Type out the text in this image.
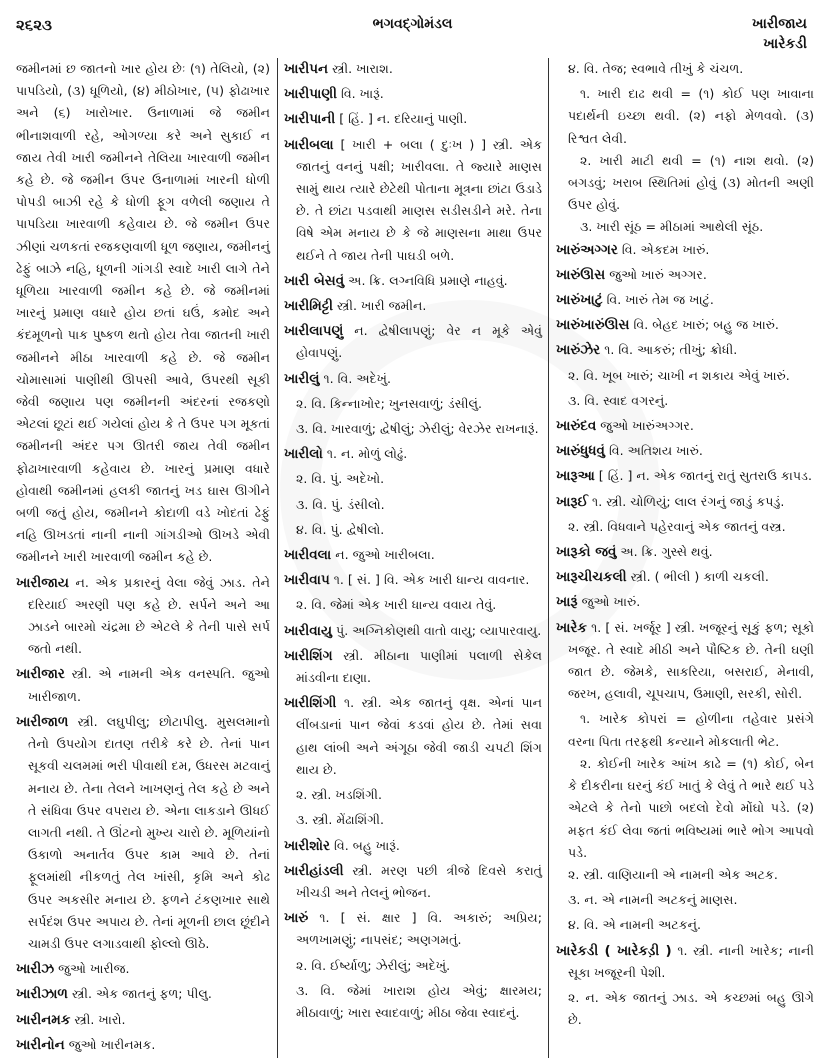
૨૬૨૩	ભગવદ્ગોમંડલ	ખારીજાય
ખારેકડી
જમીનમાં છ જાતનો ખાર હોય છેઃ (૧) તેલિયો, (૨) પાપડિયો, (૩) ધૂળિયો, (૪) મીઠોખાર, (૫) ફોઢાખાર અને (૬) ખારોખાર. ઉનાળામાં જે જમીન ભીનાશવાળી રહે, ઓગળ્યા કરે અને સુકાઈ ન જાય તેવી ખારી જમીનને તેલિયા ખારવાળી જમીન કહે છે. જે જમીન ઉપર ઉનાળામાં ખારની ધોળી પોપડી બાઝી રહે કે ધોળી ફૂગ વળેલી જણાય તે પાપડિયા ખારવાળી કહેવાય છે. જે જમીન ઉપર ઝીણાં ચળકતાં રજકણવાળી ધૂળ જણાય, જમીનનું ઢેફું બાઝે નહિ, ધૂળની ગાંગડી સ્વાદે ખારી લાગે તેને ધૂળિયા ખારવાળી જમીન કહે છે. જે જમીનમાં ખારનું પ્રમાણ વધારે હોય છતાં ઘઉં, કમોદ અને કંદમૂળનો પાક પુષ્કળ થતો હોય તેવા જાતની ખારી જમીનને મીઠા ખારવાળી કહે છે. જે જમીન ચોમાસામાં પાણીથી ઊપસી આવે, ઉપરથી સૂકી જેવી જણાય પણ જમીનની અંદરનાં રજકણો એટલાં છૂટાં થઈ ગયેલાં હોય કે તે ઉપર પગ મૂકતાં જમીનની અંદર પગ ઊતરી જાય તેવી જમીન ફોઢાખારવાળી કહેવાય છે. ખારનું પ્રમાણ વધારે હોવાથી જમીનમાં હલકી જાતનું ખડ ઘાસ ઊગીને બળી જતું હોય, જમીનને કોદાળી વડે ખોદતાં ઢેફું નહિ ઊખડતાં નાની નાની ગાંગડીઓ ઊખડે એવી જમીનને ખારી ખારવાળી જમીન કહે છે.
ખારીજાય ન. એક પ્રકારનું વેલા જેવું ઝાડ. તેને દરિયાઈ અરણી પણ કહે છે. સર્પને અને આ ઝાડને બારમો ચંદ્રમા છે એટલે કે તેની પાસે સર્પ જતો નથી.
ખારીજાર સ્ત્રી. એ નામની એક વનસ્પતિ. જુઓ ખારીજાળ.
ખારીજાળ સ્ત્રી. લઘુપીલુ; છોટાપીલુ. મુસલમાનો તેનો ઉપયોગ દાતણ તરીકે કરે છે. તેનાં પાન સૂકવી ચલમમાં ભરી પીવાથી દમ, ઉધરસ મટવાનું મનાય છે. તેના તેલને ખાખણનું તેલ કહે છે અને તે સંધિવા ઉપર વપરાય છે. એના લાકડાને ઊધઈ લાગતી નથી. તે ઊંટનો મુખ્ય ચારો છે. મૂળિયાંનો ઉકાળો અનાર્તવ ઉપર કામ આવે છે. તેનાં ફૂલમાંથી નીકળતું તેલ ખાંસી, કૃમિ અને કોઢ ઉપર અકસીર મનાય છે. ફળને ટંકણખાર સાથે સર્પદંશ ઉપર અપાય છે. તેનાં મૂળની છાલ છૂંદીને ચામડી ઉપર લગાડવાથી ફોલ્લો ઊઠે.
ખારીઝ જુઓ ખારીજ.
ખારીઝાળ સ્ત્રી. એક જાતનું ફળ; પીલુ.
ખારીનમક સ્ત્રી. ખારો.
ખારીનોન જુઓ ખારીનમક.
ખારીપન સ્ત્રી. ખારાશ.
ખારીપાણી વિ. ખારૂં.
ખારીપાની [ હિં. ] ન. દરિયાનું પાણી.
ખારીબલા [ ખારી + બલા ( દુઃખ ) ] સ્ત્રી. એક જાતનું વનનું પક્ષી; ખારીવલા. તે જ્યારે માણસ સામું થાય ત્યારે છેટેથી પોતાના મૂત્રના છાંટા ઉડાડે છે. તે છાંટા પડવાથી માણસ સડીસડીને મરે. તેના વિષે એમ મનાય છે કે જે માણસના માથા ઉપર થઈને તે જાય તેની પાઘડી બળે.
ખારી બેસવું અ. ક્રિ. લગ્નવિધિ પ્રમાણે નાહવું.
ખારીમિટ્ટી સ્ત્રી. ખારી જમીન.
ખારીલાપણું ન. દ્વેષીલાપણું; વેર ન મૂકે એવું હોવાપણું.
ખારીલું ૧. વિ. અદેખું.
૨. વિ. કિન્નાખોર; ખુનસવાળું; ડંસીલું.
૩. વિ. ખારવાળું; દ્વેષીલું; ઝેરીલું; વેરઝેર રાખનારૂં.
ખારીલો ૧. ન. મોળું લોઢું.
૨. વિ. પું. અદેખો.
૩. વિ. પું. ડંસીલો.
૪. વિ. પું. દ્વેષીલો.
ખારીવલા ન. જુઓ ખારીબલા.
ખારીવાપ ૧. [ સં. ] વિ. એક ખારી ધાન્ય વાવનાર.
૨. વિ. જેમાં એક ખારી ધાન્ય વવાય તેવું.
ખારીવાયુ પું. અગ્નિકોણથી વાતો વાયુ; વ્યાપારવાયુ.
ખારીશિંગ સ્ત્રી. મીઠાના પાણીમાં પલાળી સેકેલ માંડવીના દાણા.
ખારીશિંગી ૧. સ્ત્રી. એક જાતનું વૃક્ષ. એનાં પાન લીંબડાનાં પાન જેવાં કડવાં હોય છે. તેમાં સવા હાથ લાંબી અને અંગૂઠા જેવી જાડી ચપટી શિંગ થાય છે.
૨. સ્ત્રી. ખડશિંગી.
૩. સ્ત્રી. મેંઢાશિંગી.
ખારીશોર વિ. બહુ ખારૂં.
ખારીહાંડલી સ્ત્રી. મરણ પછી ત્રીજે દિવસે કરાતું ખીચડી અને તેલનું ભોજન.
ખારું ૧. [ સં. ક્ષાર ] વિ. અકારું; અપ્રિય; અળખામણું; નાપસંદ; અણગમતું.
૨. વિ. ઈર્ષ્યાળુ; ઝેરીલું; અદેખું.
૩. વિ. જેમાં ખારાશ હોય એવું; ક્ષારમય; મીઠાવાળું; ખારા સ્વાદવાળું; મીઠા જેવા સ્વાદનું.
૪. વિ. તેજ; સ્વભાવે તીખું કે ચંચળ.
૧. ખારી દાઢ થવી = (૧) કોઈ પણ ખાવાના પદાર્થની ઇચ્છા થવી. (૨) નફો મેળવવો. (૩) રિશ્વત લેવી.
૨. ખારી માટી થવી = (૧) નાશ થવો. (૨) બગડવું; ખરાબ સ્થિતિમાં હોવું (૩) મોતની અણી ઉપર હોવું.
૩. ખારી સૂંઠ = મીઠામાં આથેલી સૂંઠ.
ખારુંઅગ્ગર વિ. એકદમ ખારું.
ખારુંઊસ જુઓ ખારું અગ્ગર.
ખારુંખાટું વિ. ખારું તેમ જ ખાટું.
ખારુંખારુંઊસ વિ. બેહદ ખારું; બહુ જ ખારું.
ખારુંઝેર ૧. વિ. આકરું; તીખું; ક્રોધી.
૨. વિ. ખૂબ ખારું; ચાખી ન શકાય એવું ખારું.
૩. વિ. સ્વાદ વગરનું.
ખારુંદવ જુઓ ખારુંઅગ્ગર.
ખારુંધુધવું વિ. અતિશય ખારું.
ખારૂઆ [ હિં. ] ન. એક જાતનું રાતું સુતરાઉ કાપડ.
ખારૂઈ ૧. સ્ત્રી. ચોળિયું; લાલ રંગનું જાડું કપડું.
૨. સ્ત્રી. વિધવાને પહેરવાનું એક જાતનું વસ્ત્ર.
ખારૂકો જવું અ. ક્રિ. ગુસ્સે થવું.
ખારૂચીચકલી સ્ત્રી. ( ભીલી ) કાળી ચકલી.
ખારૂં જુઓ ખારું.
ખારેક ૧. [ સં. ખર્જૂર ] સ્ત્રી. ખજૂરનું સૂકું ફળ; સૂકો ખજૂર. તે સ્વાદે મીઠી અને પૌષ્ટિક છે. તેની ઘણી જાત છે. જેમકે, સાકરિયા, બસરાઈ, મેનાવી, જરખ, હલાવી, ચૂપચાપ, ઉમાણી, સરકી, સોરી.
૧. ખારેક કોપરાં = હોળીના તહેવાર પ્રસંગે વરના પિતા તરફથી કન્યાને મોકલાતી ભેટ.
૨. કોઈની ખારેક આંખ કાઢે = (૧) કોઈ, બેન કે દીકરીના ઘરનું કંઈ ખાતું કે લેવું તે ભારે થઈ પડે એટલે કે તેનો પાછો બદલો દેવો મોંઘો પડે. (૨) મફત કંઈ લેવા જતાં ભવિષ્યમાં ભારે ભોગ આપવો પડે.
૨. સ્ત્રી. વાણિયાની એ નામની એક અટક.
૩. ન. એ નામની અટકનું માણસ.
૪. વિ. એ નામની અટકનું.
ખારેકડી ( ખારેકડ઼ી ) ૧. સ્ત્રી. નાની ખારેક; નાની સૂકા ખજૂરની પેશી.
૨. ન. એક જાતનું ઝાડ. એ કચ્છમાં બહુ ઊગે છે.
